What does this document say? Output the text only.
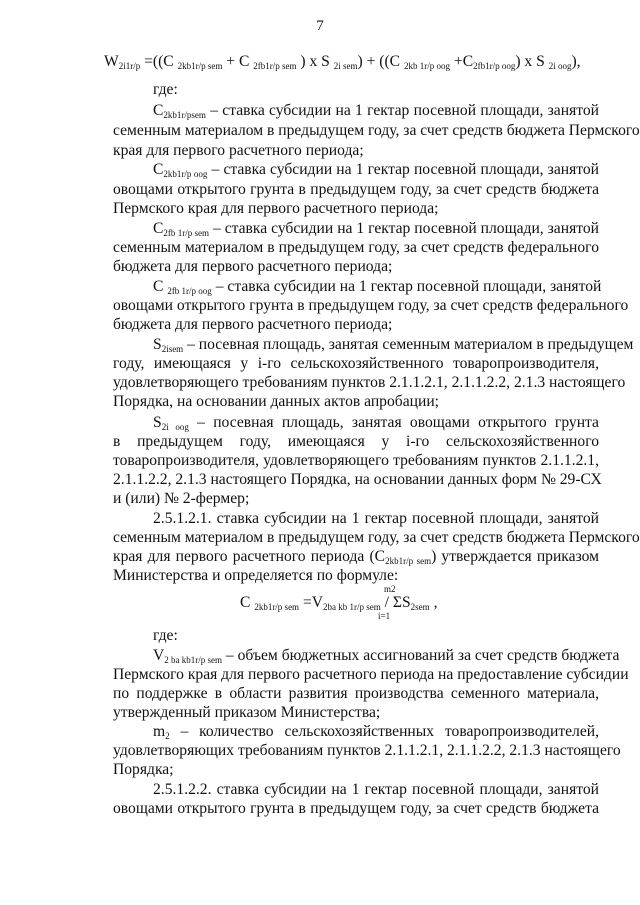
7
$W_{2i1r/p} =((C$ $_{2kb1r/p sem}$ + C $_{2fb1r/p sem}$ ) x S $_{2i sem}$) + ((C $_{2kb 1r/p oog} +C_{2fb1r/p oog}$) x S $_{2i oog}$),
где:
$C_{2kb1r/psem}$ – ставка субсидии на 1 гектар посевной площади, занятой
семенным материалом в предыдущем году, за счет средств бюджета Пермского
края для первого расчетного периода;
$C_{2kb1r/p oog}$ – ставка субсидии на 1 гектар посевной площади, занятой
овощами открытого грунта в предыдущем году, за счет средств бюджета
Пермского края для первого расчетного периода;
$C_{2fb 1r/p sem}$ – ставка субсидии на 1 гектар посевной площади, занятой
семенным материалом в предыдущем году, за счет средств федерального
бюджета для первого расчетного периода;
C $_{2fb 1r/p oog}$ – ставка субсидии на 1 гектар посевной площади, занятой
овощами открытого грунта в предыдущем году, за счет средств федерального
бюджета для первого расчетного периода;
$S_{2isem}$ – посевная площадь, занятая семенным материалом в предыдущем
году, имеющаяся у i-го сельскохозяйственного товаропроизводителя,
удовлетворяющего требованиям пунктов 2.1.1.2.1, 2.1.1.2.2, 2.1.3 настоящего
Порядка, на основании данных актов апробации;
$S_{2i oog}$ – посевная площадь, занятая овощами открытого грунта
в предыдущем году, имеющаяся у i-го сельскохозяйственного
товаропроизводителя, удовлетворяющего требованиям пунктов 2.1.1.2.1,
2.1.1.2.2, 2.1.3 настоящего Порядка, на основании данных форм № 29-СХ
и (или) № 2-фермер;
2.5.1.2.1. ставка субсидии на 1 гектар посевной площади, занятой
семенным материалом в предыдущем году, за счет средств бюджета Пермского
края для первого расчетного периода $(C_{2kb1r/p sem})$ утверждается приказом
Министерства и определяется по формуле:
C $_{2kb1r/p sem} =V_{2ba kb 1r/p sem} / \Sigma S_{2sem}$ ,
m2
i=1
где:
$V_{2 ba kb1r/p sem}$ – объем бюджетных ассигнований за счет средств бюджета
Пермского края для первого расчетного периода на предоставление субсидии
по поддержке в области развития производства семенного материала,
утвержденный приказом Министерства;
$m_2$ – количество сельскохозяйственных товаропроизводителей,
удовлетворяющих требованиям пунктов 2.1.1.2.1, 2.1.1.2.2, 2.1.3 настоящего
Порядка;
2.5.1.2.2. ставка субсидии на 1 гектар посевной площади, занятой
овощами открытого грунта в предыдущем году, за счет средств бюджета
